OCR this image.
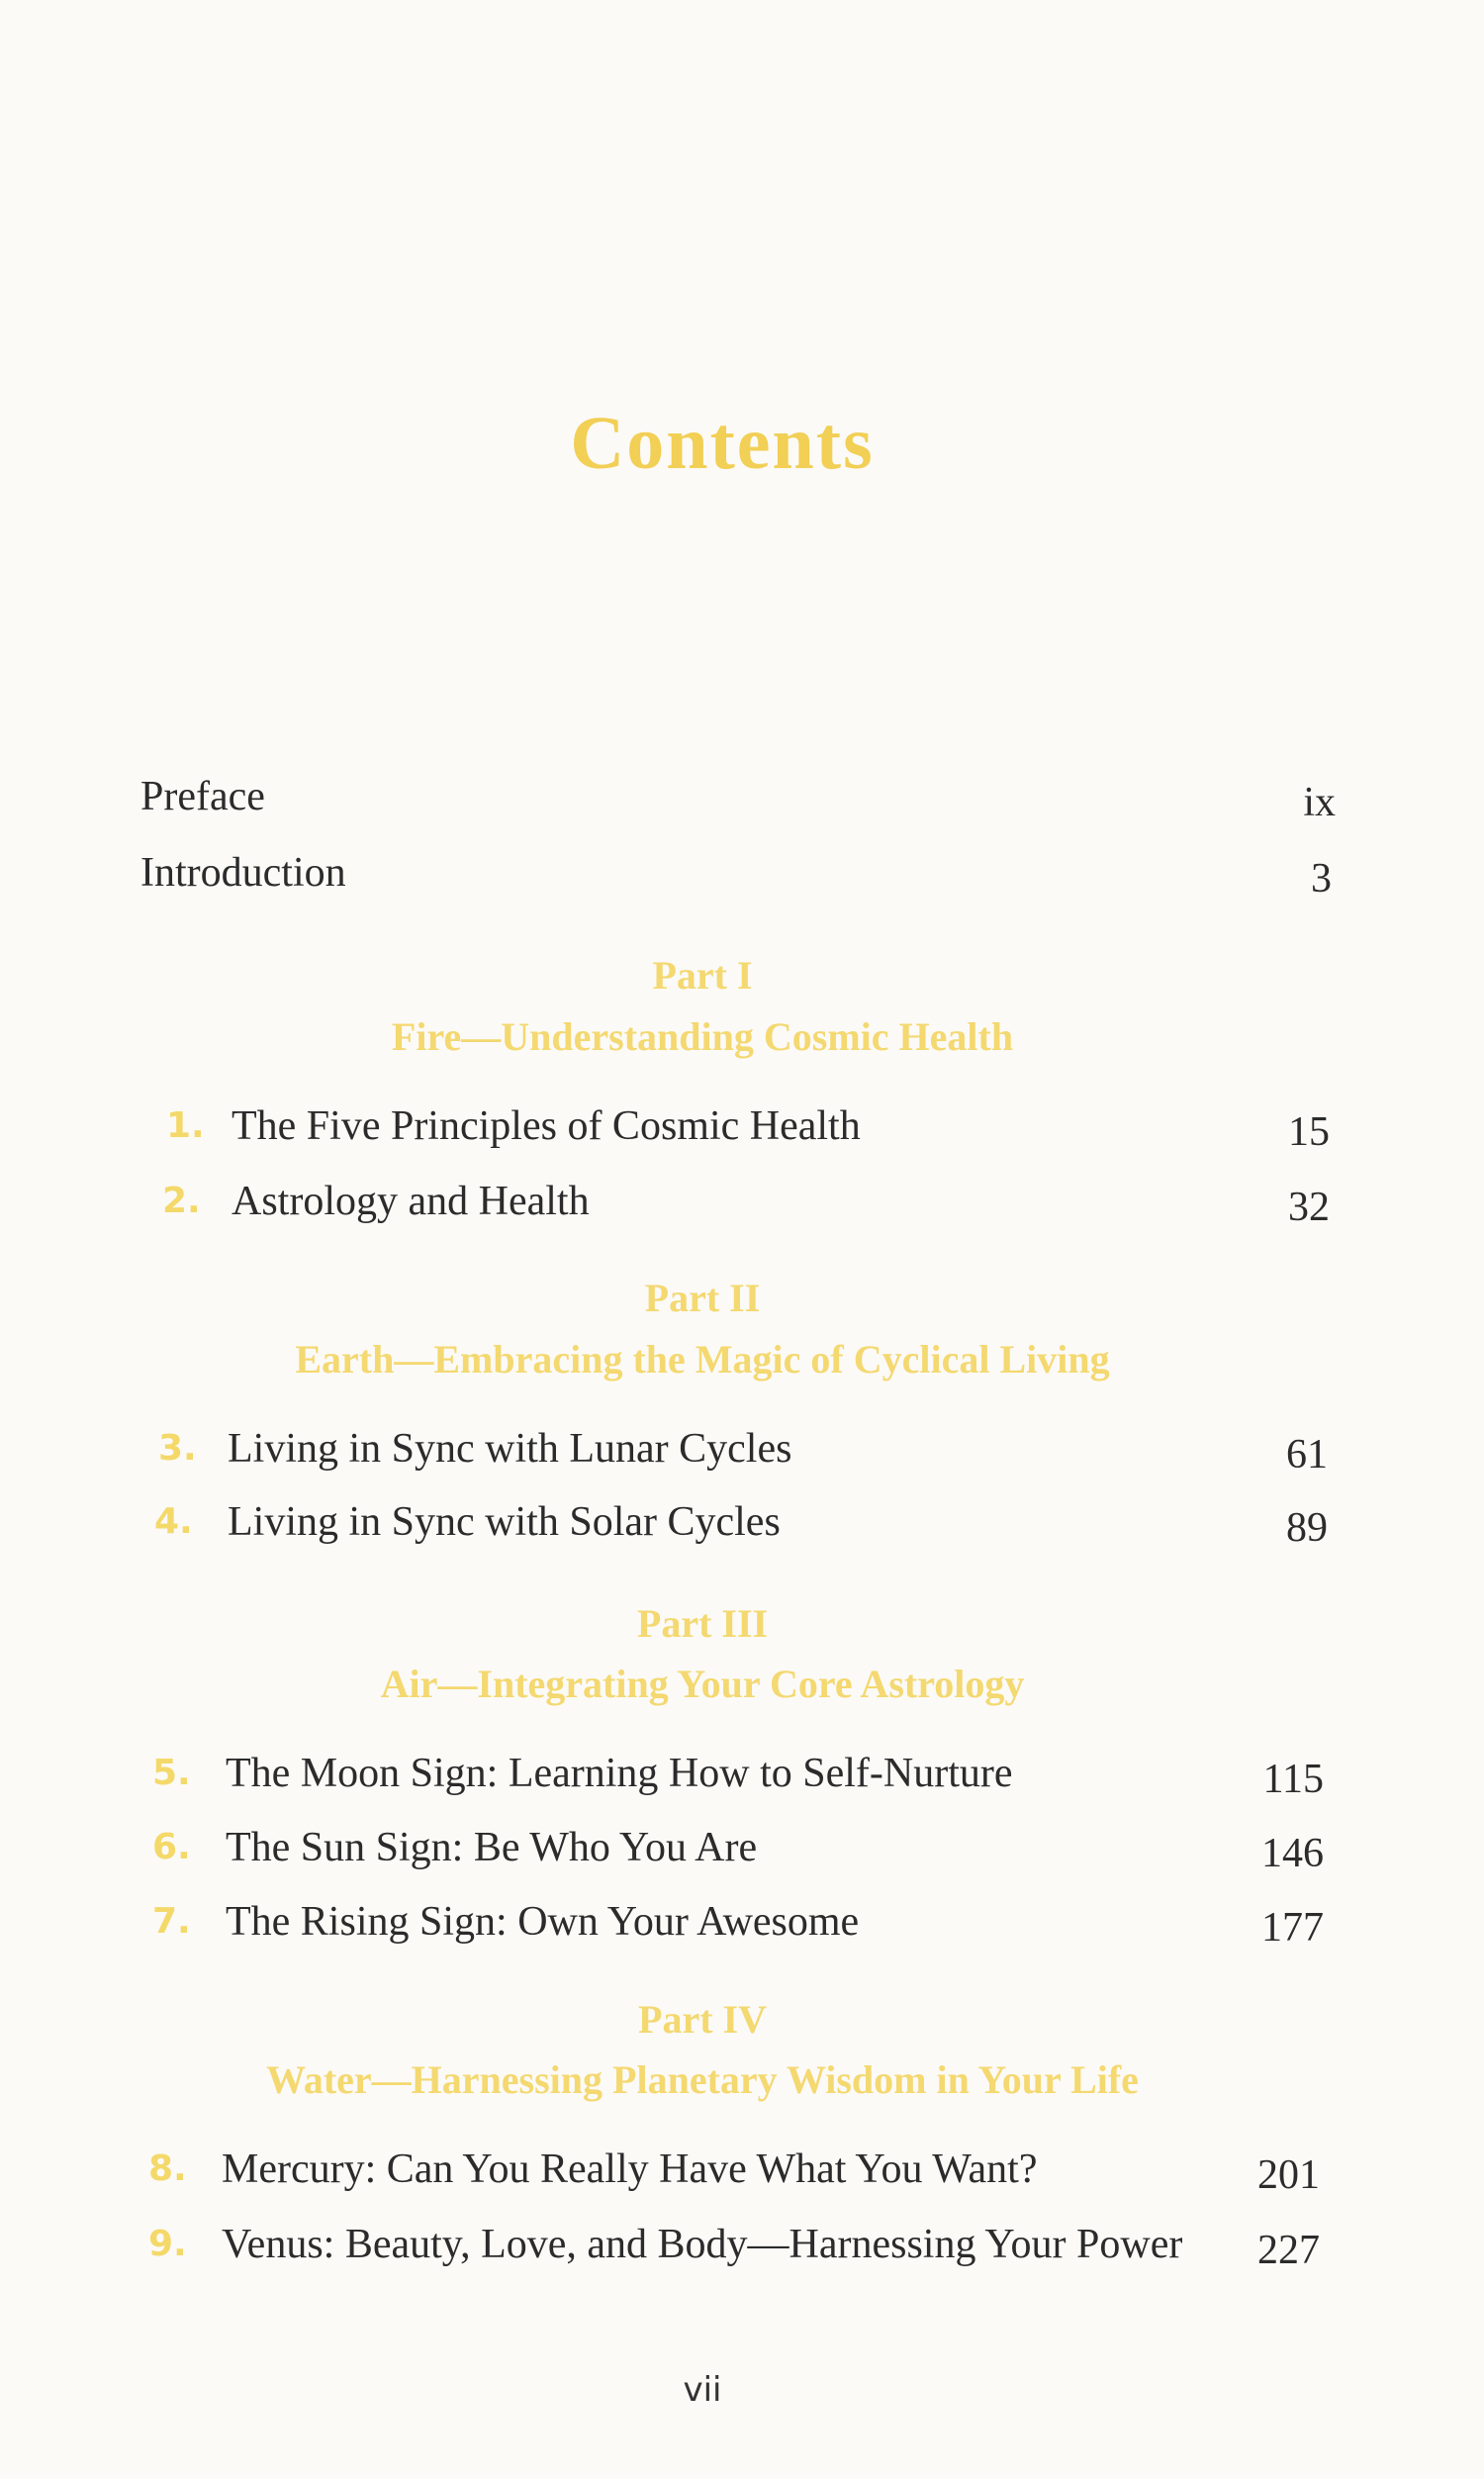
Contents
Preface	ix
Introduction	3
Part I
Fire—Understanding Cosmic Health
1. The Five Principles of Cosmic Health	15
2. Astrology and Health	32
Part II
Earth—Embracing the Magic of Cyclical Living
3. Living in Sync with Lunar Cycles	61
4. Living in Sync with Solar Cycles	89
Part III
Air—Integrating Your Core Astrology
5. The Moon Sign: Learning How to Self-Nurture	115
6. The Sun Sign: Be Who You Are	146
7. The Rising Sign: Own Your Awesome	177
Part IV
Water—Harnessing Planetary Wisdom in Your Life
8. Mercury: Can You Really Have What You Want?	201
9. Venus: Beauty, Love, and Body—Harnessing Your Power 227
vii
